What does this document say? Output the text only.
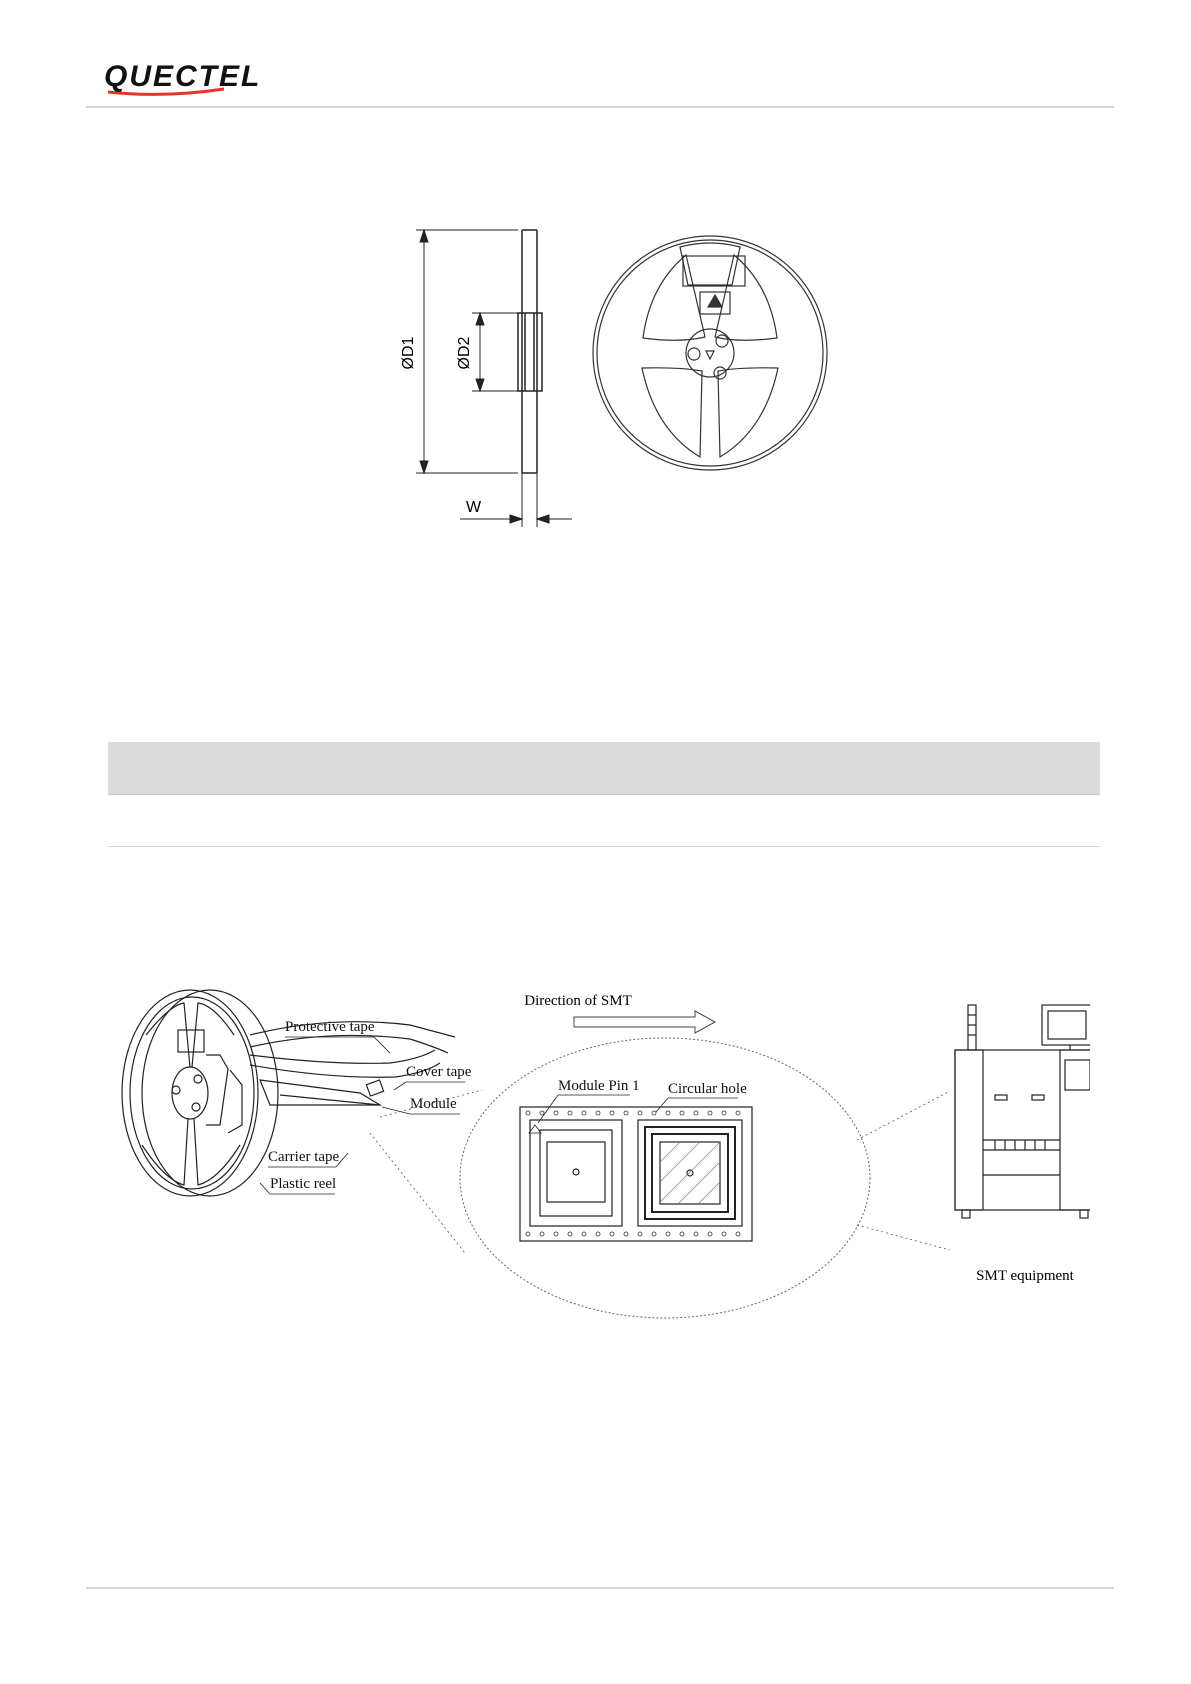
QUECTEL
ØD1 ØD2
W
Direction of SMT
Protective tape
Cover tape
Module
Carrier tape
Plastic reel
Module Pin 1 Circular hole
SMT equipment
